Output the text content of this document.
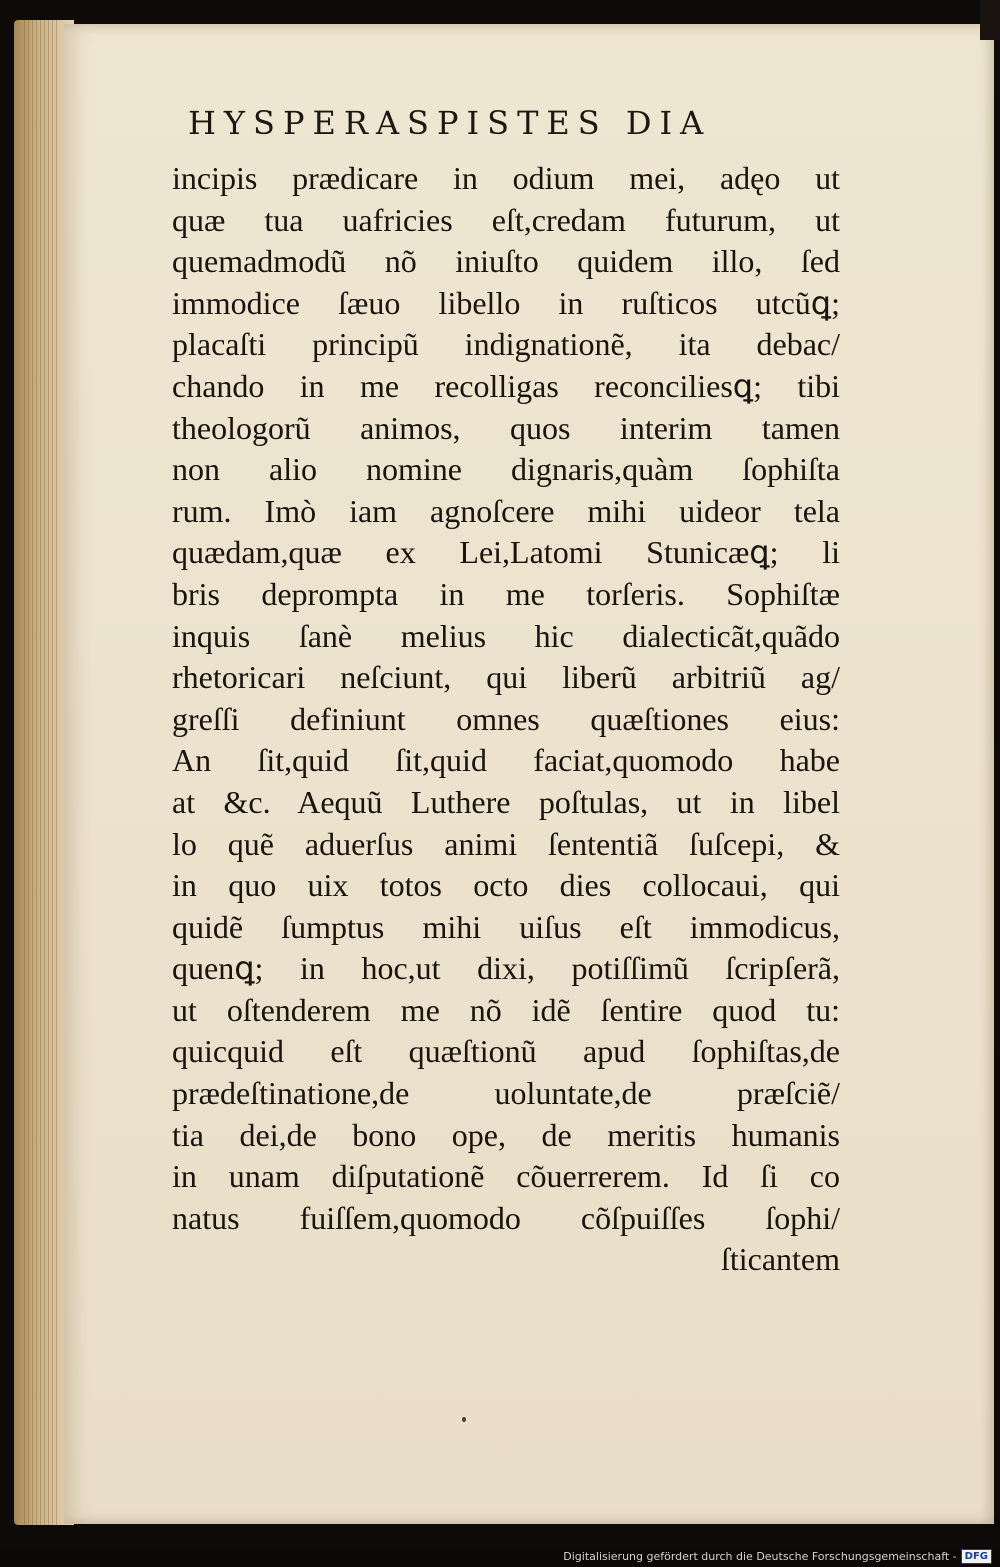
HYSPERASPISTES DIA
incipis prædicare in odium mei, adęo ut
quæ tua uafricies eſt,credam futurum, ut
quemadmodũ nõ iniuſto quidem illo, ſed
immodice ſæuo libello in ruſticos utcũꝗ;
placaſti principũ indignationẽ, ita debac/
chando in me recolligas reconciliesꝗ; tibi
theologorũ animos, quos interim tamen
non alio nomine dignaris,quàm ſophiſta
rum. Imò iam agnoſcere mihi uideor tela
quædam,quæ ex Lei,Latomi Stunicæꝗ; li
bris deprompta in me torſeris. Sophiſtæ
inquis ſanè melius hic dialecticãt,quãdo
rhetoricari neſciunt, qui liberũ arbitriũ ag/
greſſi definiunt omnes quæſtiones eius:
An ſit,quid ſit,quid faciat,quomodo habe
at &c. Aequũ Luthere poſtulas, ut in libel
lo quẽ aduerſus animi ſententiã ſuſcepi, &
in quo uix totos octo dies collocaui, qui
quidẽ ſumptus mihi uiſus eſt immodicus,
quenꝗ; in hoc,ut dixi, potiſſimũ ſcripſerã,
ut oſtenderem me nõ idẽ ſentire quod tu:
quicquid eſt quæſtionũ apud ſophiſtas,de
prædeſtinatione,de uoluntate,de præſciẽ/
tia dei,de bono ope, de meritis humanis
in unam diſputationẽ cõuerrerem. Id ſi co
natus fuiſſem,quomodo cõſpuiſſes ſophi/
ſticantem
Digitalisierung gefördert durch die Deutsche Forschungsgemeinschaft - DFG
